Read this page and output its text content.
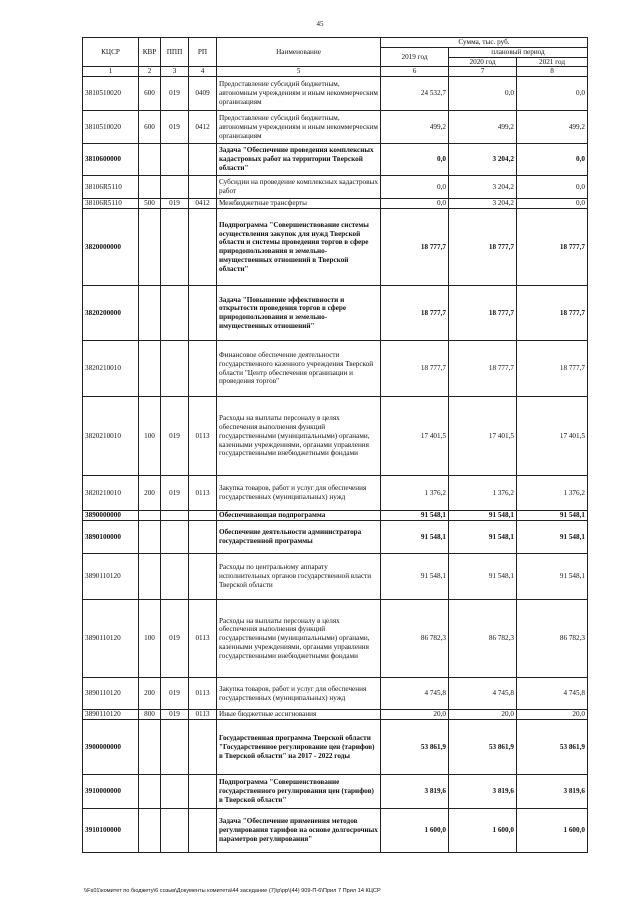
45
КЦСР	КВР	ППП	РП	Наименование	Сумма, тыс. руб.		
					2019 год	плановый период	
						2020 год	2021 год
1	2	3	4	5	6	7	8
3810510020	600	019	0409	Предоставление субсидий бюджетным, автономным учреждениям и иным некоммерческим организациям	24 532,7	0,0	0,0
3810510020	600	019	0412	Предоставление субсидий бюджетным, автономным учреждениям и иным некоммерческим организациям	499,2	499,2	499,2
3810600000				Задача "Обеспечение проведения комплексных кадастровых работ на территории Тверской области"	0,0	3 204,2	0,0
38106R5110				Субсидии на проведение комплексных кадастровых работ	0,0	3 204,2	0,0
38106R5110	500	019	0412	Межбюджетные трансферты	0,0	3 204,2	0,0
3820000000				Подпрограмма "Совершенствование системы осуществления закупок для нужд Тверской области и системы проведения торгов в сфере природопользования и земельно-имущественных отношений в Тверской области"	18 777,7	18 777,7	18 777,7
3820200000				Задача "Повышение эффективности и открытости проведения торгов в сфере природопользования и земельно-имущественных отношений"	18 777,7	18 777,7	18 777,7
3820210010				Финансовое обеспечение деятельности государственного казенного учреждения Тверской области "Центр обеспечения организации и проведения торгов"	18 777,7	18 777,7	18 777,7
3820210010	100	019	0113	Расходы на выплаты персоналу в целях обеспечения выполнения функций государственными (муниципальными) органами, казенными учреждениями, органами управления государственными внебюджетными фондами	17 401,5	17 401,5	17 401,5
3820210010	200	019	0113	Закупка товаров, работ и услуг для обеспечения государственных (муниципальных) нужд	1 376,2	1 376,2	1 376,2
3890000000				Обеспечивающая подпрограмма	91 548,1	91 548,1	91 548,1
3890100000				Обеспечение деятельности администратора государственной программы	91 548,1	91 548,1	91 548,1
3890110120				Расходы по центральному аппарату исполнительных органов государственной власти Тверской области	91 548,1	91 548,1	91 548,1
3890110120	100	019	0113	Расходы на выплаты персоналу в целях обеспечения выполнения функций государственными (муниципальными) органами, казенными учреждениями, органами управления государственными внебюджетными фондами	86 782,3	86 782,3	86 782,3
3890110120	200	019	0113	Закупка товаров, работ и услуг для обеспечения государственных (муниципальных) нужд	4 745,8	4 745,8	4 745,8
3890110120	800	019	0113	Иные бюджетные ассигнования	20,0	20,0	20,0
3900000000				Государственная программа Тверской области "Государственное регулирование цен (тарифов) в Тверской области" на 2017 - 2022 годы	53 861,9	53 861,9	53 861,9
3910000000				Подпрограмма "Совершенствование государственного регулирования цен (тарифов) в Тверской области"	3 819,6	3 819,6	3 819,6
3910100000				Задача "Обеспечение применения методов регулирования тарифов на основе долгосрочных параметров регулирования"	1 600,0	1 600,0	1 600,0
\\Fs01\комитет по бюджету\6 созыв\Документы комитета\44 заседание (7)\р\рр\(44) 909-П-6\Прил 7 Прил 14 КЦСР
